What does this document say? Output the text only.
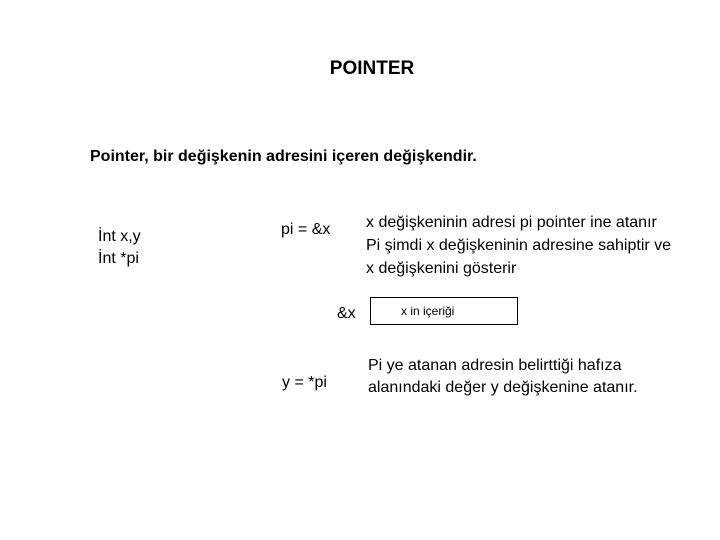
POINTER
Pointer, bir değişkenin adresini içeren değişkendir.
İnt x,y
İnt *pi
pi = &x x değişkeninin adresi pi pointer ine atanır
Pi şimdi x değişkeninin adresine sahiptir ve
x değişkenini gösterir
&x	x in içeriği
y = *pi
Pi ye atanan adresin belirttiği hafıza
alanındaki değer y değişkenine atanır.
